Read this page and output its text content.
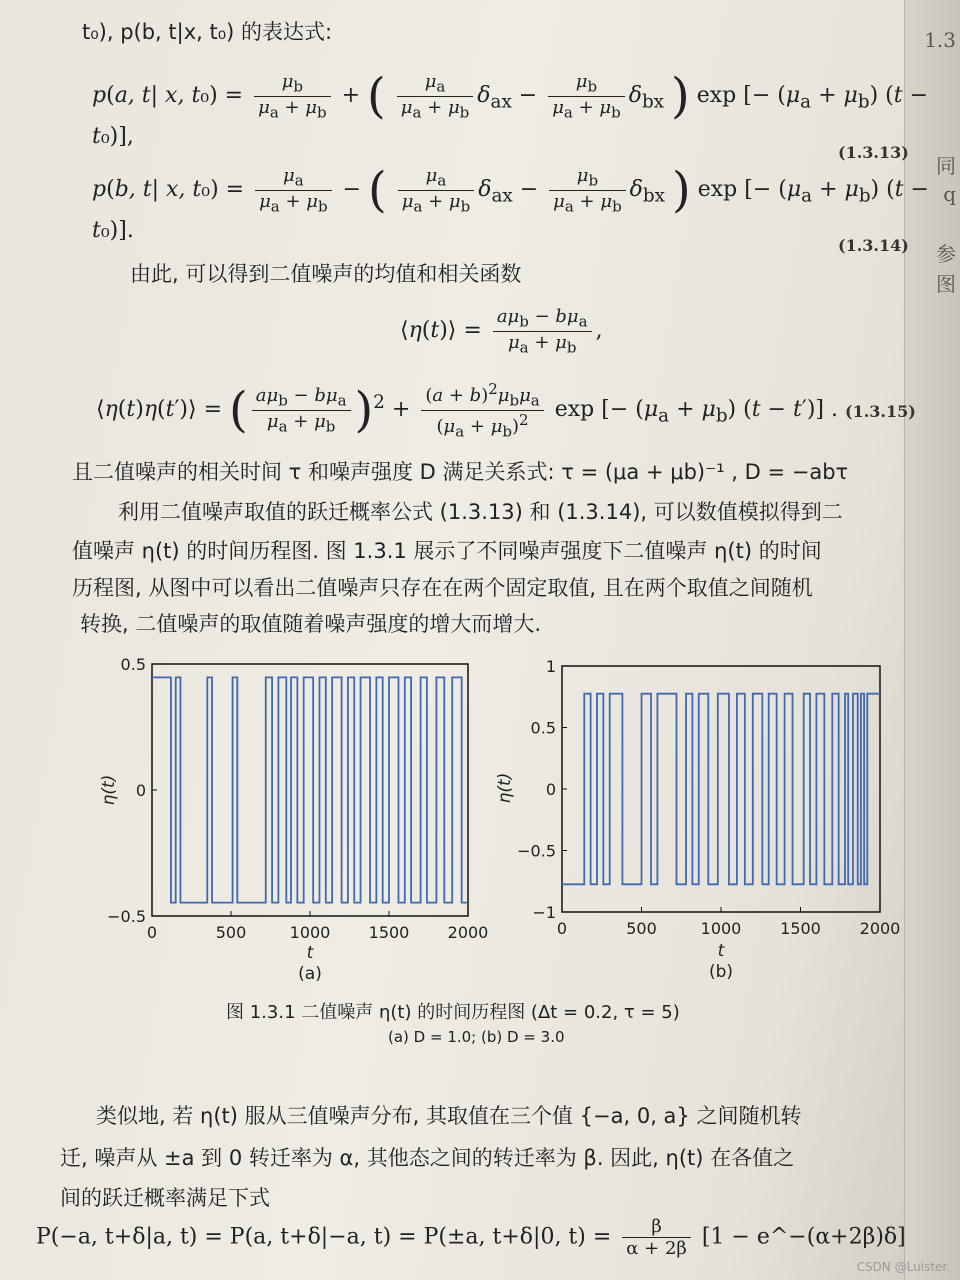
1.3
同
q
参
图
t₀), p(b, t|x, t₀) 的表达式:
p(a, t| x, $t_0) = \frac{\mu_b}{\mu_a + \mu_b}$ + ( $\frac{\mu_a}{\mu_a + \mu_b} \delta_{ax} - \frac{\mu_b}{\mu_a + \mu_b} \delta_{bx}$ ) exp [− $(\mu_a + \mu_b) (t - t_0)$],
(1.3.13)
p(b, t| x, $t_0) = \frac{\mu_a}{\mu_a + \mu_b}$ − ( $\frac{\mu_a}{\mu_a + \mu_b} \delta_{ax} - \frac{\mu_b}{\mu_a + \mu_b} \delta_{bx}$ ) exp [− $(\mu_a + \mu_b) (t - t_0)$].
(1.3.14)
由此, 可以得到二值噪声的均值和相关函数
⟨η(t)⟩ = $\frac{a\mu_b - b\mu_a}{\mu_a + \mu_b}$ ,
⟨η(t)η(t′)⟩ = ( $\frac{a\mu_b - b\mu_a}{\mu_a + \mu_b} )^2 + \frac{(a + b)^2\mu_b\mu_a}{(\mu_a + \mu_b)^2}$ exp [− $(\mu_a + \mu_b) (t - t')$] . (1.3.15)
且二值噪声的相关时间 τ 和噪声强度 D 满足关系式: τ = (μa + μb)⁻¹ , D = −abτ
利用二值噪声取值的跃迁概率公式 (1.3.13) 和 (1.3.14), 可以数值模拟得到二
值噪声 η(t) 的时间历程图. 图 1.3.1 展示了不同噪声强度下二值噪声 η(t) 的时间
历程图, 从图中可以看出二值噪声只存在在两个固定取值, 且在两个取值之间随机
转换, 二值噪声的取值随着噪声强度的增大而增大.
0	500	1000 1500 2000
−0.5
0
0.5
t
η(t)
(a)
0	500	1000 1500 2000
−1
−0.5
0
0.5
1
t
η(t)
(b)
图 1.3.1 二值噪声 η(t) 的时间历程图 (Δt = 0.2, τ = 5)
(a) D = 1.0; (b) D = 3.0
类似地, 若 η(t) 服从三值噪声分布, 其取值在三个值 {−a, 0, a} 之间随机转
迁, 噪声从 ±a 到 0 转迁率为 α, 其他态之间的转迁率为 β. 因此, η(t) 在各值之
间的跃迁概率满足下式
P(−a, t+δ|a, t) = P(a, t+δ|−a, t) = P(±a, t+δ|0, $t) = \frac{\beta}{\alpha + 2\beta} [1$ − e^−(α+2β)δ]
CSDN @Luister.
